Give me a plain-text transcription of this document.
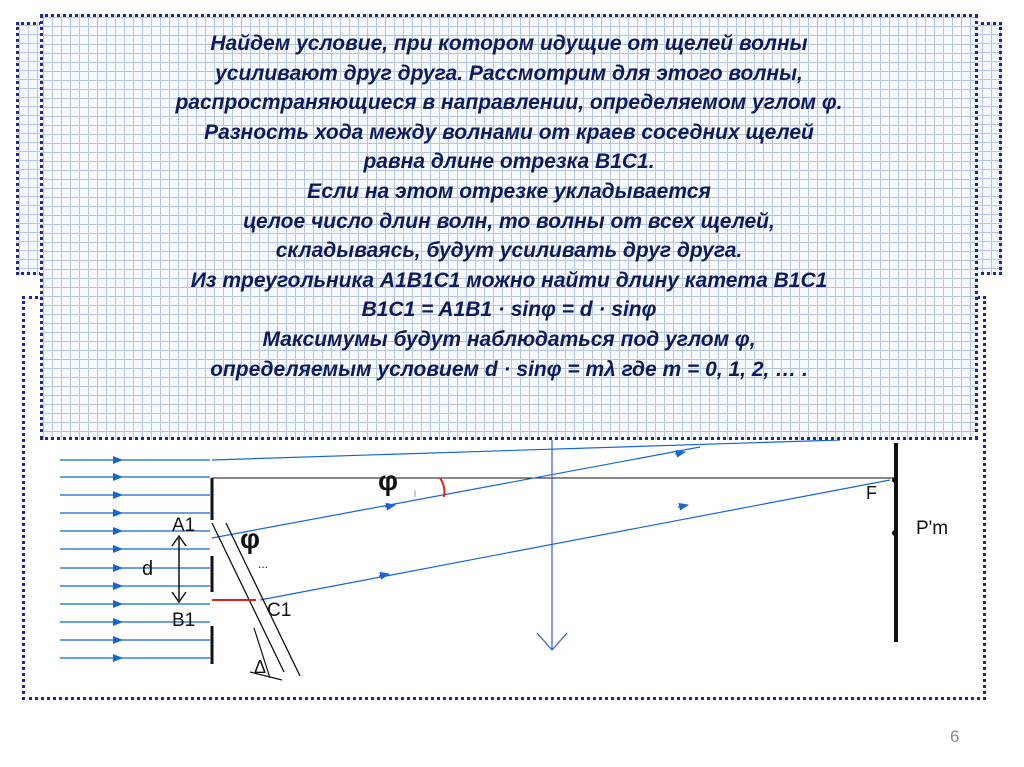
φ
φ
...
A1
d
B1	C1
Δ
F
P'm
Найдем условие, при котором идущие от щелей волны
усиливают друг друга. Рассмотрим для этого волны,
распространяющиеся в направлении, определяемом углом φ.
Разность хода между волнами от краев соседних щелей
равна длине отрезка B1C1.
Если на этом отрезке укладывается
целое число длин волн, то волны от всех щелей,
складываясь, будут усиливать друг друга.
Из треугольника A1B1C1 можно найти длину катета B1C1
B1C1 = A1B1 · sinφ = d · sinφ
Максимумы будут наблюдаться под углом φ,
определяемым условием d · sinφ = mλ где m = 0, 1, 2, … .
6
